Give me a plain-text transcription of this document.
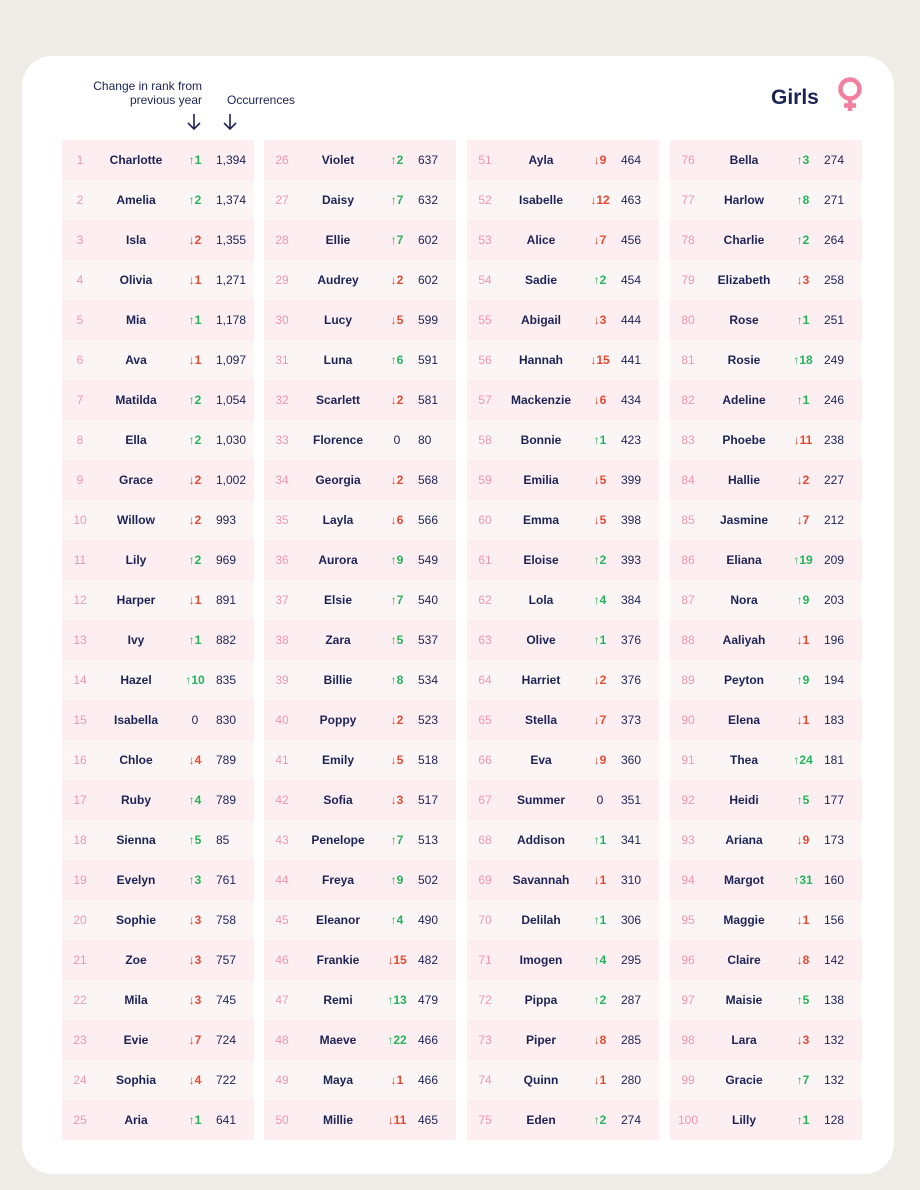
Change in rank from
previous year Occurrences	Girls
1	Charlotte	↑1	1,394
2	Amelia	↑2	1,374
3	Isla	↓2	1,355
4	Olivia	↓1	1,271
5	Mia	↑1	1,178
6	Ava	↓1	1,097
7	Matilda	↑2	1,054
8	Ella	↑2	1,030
9	Grace	↓2	1,002
10	Willow	↓2	993
11	Lily	↑2	969
12	Harper	↓1	891
13	Ivy	↑1	882
14	Hazel	↑10 835
15	Isabella	0	830
16	Chloe	↓4	789
17	Ruby	↑4	789
18	Sienna	↑5	85
19	Evelyn	↑3	761
20	Sophie	↓3	758
21	Zoe	↓3	757
22	Mila	↓3	745
23	Evie	↓7	724
24	Sophia	↓4	722
25	Aria	↑1	641
26	Violet	↑2	637
27	Daisy	↑7	632
28	Ellie	↑7	602
29	Audrey	↓2	602
30	Lucy	↓5	599
31	Luna	↑6	591
32	Scarlett	↓2	581
33	Florence	0	80
34	Georgia	↓2	568
35	Layla	↓6	566
36	Aurora	↑9	549
37	Elsie	↑7	540
38	Zara	↑5	537
39	Billie	↑8	534
40	Poppy	↓2	523
41	Emily	↓5	518
42	Sofia	↓3	517
43	Penelope	↑7	513
44	Freya	↑9	502
45	Eleanor	↑4	490
46	Frankie	↓15 482
47	Remi	↑13 479
48	Maeve	↑22 466
49	Maya	↓1	466
50	Millie	↓11 465
51	Ayla	↓9	464
52	Isabelle	↓12 463
53	Alice	↓7	456
54	Sadie	↑2	454
55	Abigail	↓3	444
56	Hannah	↓15 441
57	Mackenzie	↓6	434
58	Bonnie	↑1	423
59	Emilia	↓5	399
60	Emma	↓5	398
61	Eloise	↑2	393
62	Lola	↑4	384
63	Olive	↑1	376
64	Harriet	↓2	376
65	Stella	↓7	373
66	Eva	↓9	360
67	Summer	0	351
68	Addison	↑1	341
69	Savannah	↓1	310
70	Delilah	↑1	306
71	Imogen	↑4	295
72	Pippa	↑2	287
73	Piper	↓8	285
74	Quinn	↓1	280
75	Eden	↑2	274
76	Bella	↑3	274
77	Harlow	↑8	271
78	Charlie	↑2	264
79	Elizabeth	↓3	258
80	Rose	↑1	251
81	Rosie	↑18 249
82	Adeline	↑1	246
83	Phoebe	↓11 238
84	Hallie	↓2	227
85	Jasmine	↓7	212
86	Eliana	↑19 209
87	Nora	↑9	203
88	Aaliyah	↓1	196
89	Peyton	↑9	194
90	Elena	↓1	183
91	Thea	↑24 181
92	Heidi	↑5	177
93	Ariana	↓9	173
94	Margot	↑31 160
95	Maggie	↓1	156
96	Claire	↓8	142
97	Maisie	↑5	138
98	Lara	↓3	132
99	Gracie	↑7	132
100	Lilly	↑1	128
